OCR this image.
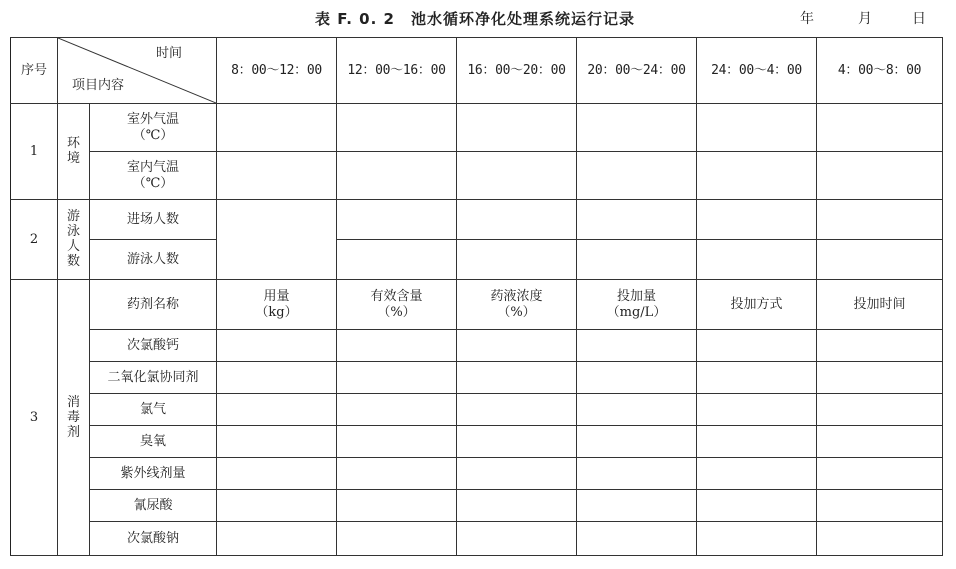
表 F. 0. 2　池水循环净化处理系统运行记录	年	月	日
序号	时间
项目内容		8：00～12：00	12：00～16：00	16：00～20：00	20：00～24：00	24：00～4：00	4：00～8：00
1	环境	室外气温
（℃）						
		室内气温
（℃）						
2	游泳人数	进场人数						
		游泳人数						
3	消毒剂	药剂名称	用量
（kg）	有效含量
（%）	药液浓度
（%）	投加量
（mg/L）	投加方式	投加时间
		次氯酸钙						
		二氧化氯协同剂						
		氯气						
		臭氧						
		紫外线剂量						
		氰尿酸						
		次氯酸钠						
